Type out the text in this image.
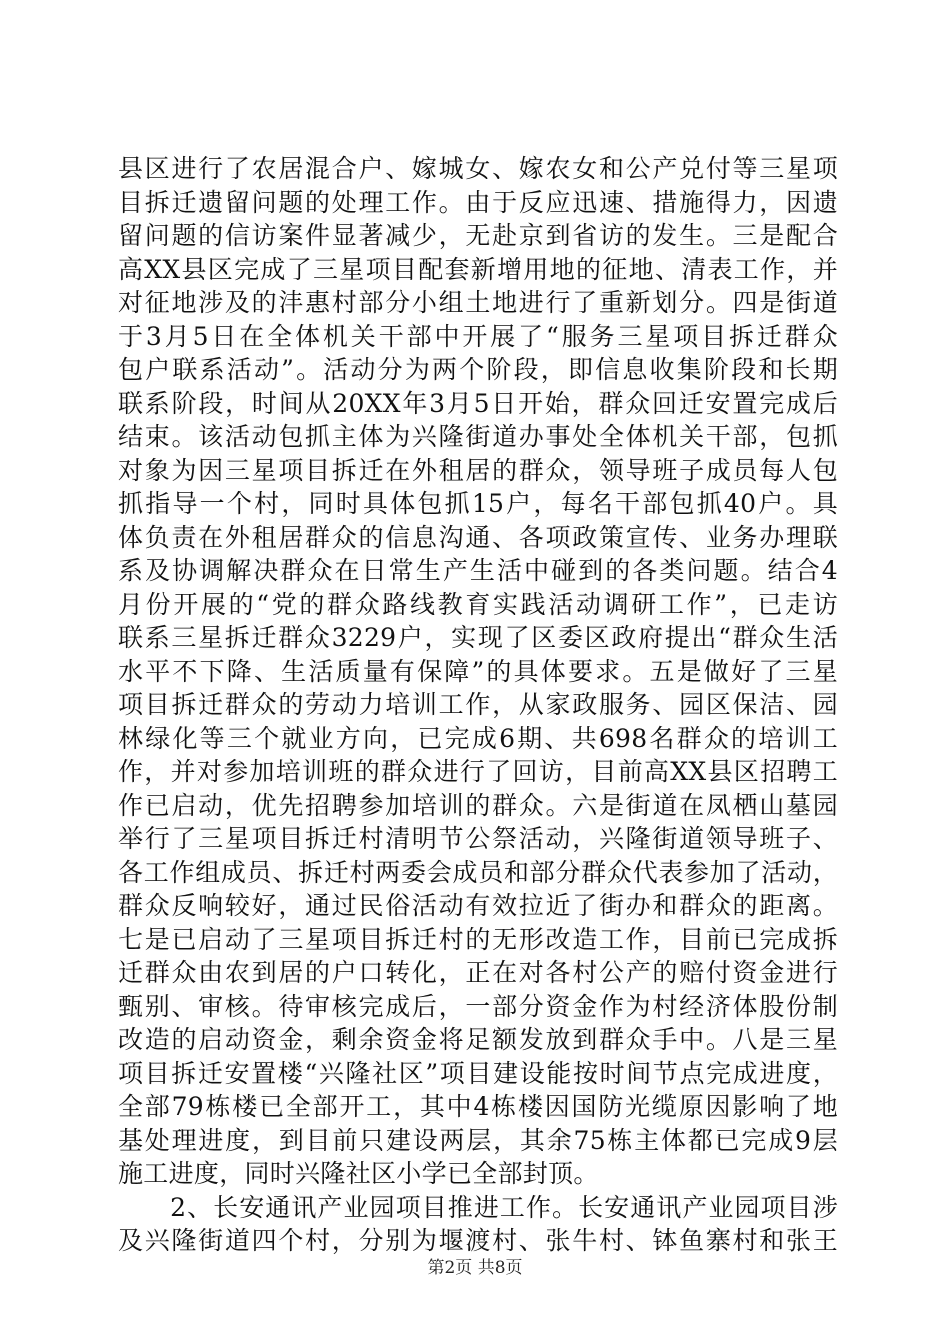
县区进行了农居混合户、嫁城女、嫁农女和公产兑付等三星项
目拆迁遗留问题的处理工作。由于反应迅速、措施得力，因遗
留问题的信访案件显著减少，无赴京到省访的发生。三是配合
高XX县区完成了三星项目配套新增用地的征地、清表工作，并
对征地涉及的沣惠村部分小组土地进行了重新划分。四是街道
于3月5日在全体机关干部中开展了“服务三星项目拆迁群众
包户联系活动”。活动分为两个阶段，即信息收集阶段和长期
联系阶段，时间从20XX年3月5日开始，群众回迁安置完成后
结束。该活动包抓主体为兴隆街道办事处全体机关干部，包抓
对象为因三星项目拆迁在外租居的群众，领导班子成员每人包
抓指导一个村，同时具体包抓15户，每名干部包抓40户。具
体负责在外租居群众的信息沟通、各项政策宣传、业务办理联
系及协调解决群众在日常生产生活中碰到的各类问题。结合4
月份开展的“党的群众路线教育实践活动调研工作”，已走访
联系三星拆迁群众3229户，实现了区委区政府提出“群众生活
水平不下降、生活质量有保障”的具体要求。五是做好了三星
项目拆迁群众的劳动力培训工作，从家政服务、园区保洁、园
林绿化等三个就业方向，已完成6期、共698名群众的培训工
作，并对参加培训班的群众进行了回访，目前高XX县区招聘工
作已启动，优先招聘参加培训的群众。六是街道在凤栖山墓园
举行了三星项目拆迁村清明节公祭活动，兴隆街道领导班子、
各工作组成员、拆迁村两委会成员和部分群众代表参加了活动，
群众反响较好，通过民俗活动有效拉近了街办和群众的距离。
七是已启动了三星项目拆迁村的无形改造工作，目前已完成拆
迁群众由农到居的户口转化，正在对各村公产的赔付资金进行
甄别、审核。待审核完成后，一部分资金作为村经济体股份制
改造的启动资金，剩余资金将足额发放到群众手中。八是三星
项目拆迁安置楼“兴隆社区”项目建设能按时间节点完成进度，
全部79栋楼已全部开工，其中4栋楼因国防光缆原因影响了地
基处理进度，到目前只建设两层，其余75栋主体都已完成9层
施工进度，同时兴隆社区小学已全部封顶。
　　2、长安通讯产业园项目推进工作。长安通讯产业园项目涉
及兴隆街道四个村，分别为堰渡村、张牛村、钵鱼寨村和张王
第2页 共8页
